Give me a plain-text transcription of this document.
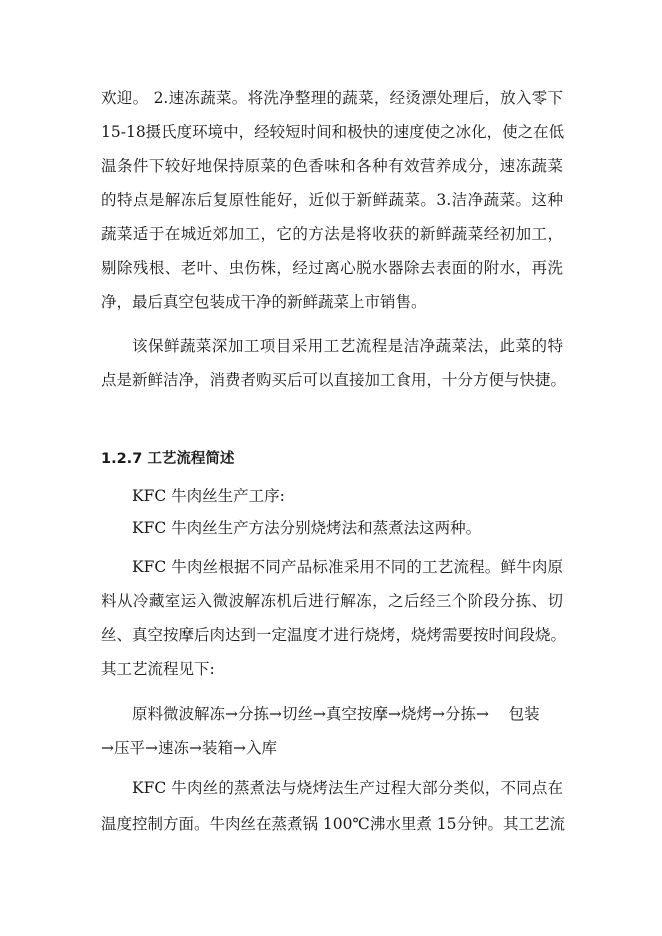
欢迎。 2.速冻蔬菜。将洗净整理的蔬菜，经烫漂处理后，放入零下
15-18摄氏度环境中，经较短时间和极快的速度使之冰化，使之在低
温条件下较好地保持原菜的色香味和各种有效营养成分，速冻蔬菜
的特点是解冻后复原性能好，近似于新鲜蔬菜。3.洁净蔬菜。这种
蔬菜适于在城近郊加工，它的方法是将收获的新鲜蔬菜经初加工，
剔除残根、老叶、虫伤株，经过离心脱水器除去表面的附水，再洗
净，最后真空包装成干净的新鲜蔬菜上市销售。
该保鲜蔬菜深加工项目采用工艺流程是洁净蔬菜法，此菜的特
点是新鲜洁净，消费者购买后可以直接加工食用，十分方便与快捷。
1.2.7 工艺流程简述
KFC 牛肉丝生产工序:
KFC 牛肉丝生产方法分别烧烤法和蒸煮法这两种。
KFC 牛肉丝根据不同产品标准采用不同的工艺流程。鲜牛肉原
料从冷藏室运入微波解冻机后进行解冻，之后经三个阶段分拣、切
丝、真空按摩后肉达到一定温度才进行烧烤，烧烤需要按时间段烧。
其工艺流程见下:
原料微波解冻→分拣→切丝→真空按摩→烧烤→分拣→    包装
→压平→速冻→装箱→入库
KFC 牛肉丝的蒸煮法与烧烤法生产过程大部分类似，不同点在
温度控制方面。牛肉丝在蒸煮锅 100℃沸水里煮 15分钟。其工艺流
